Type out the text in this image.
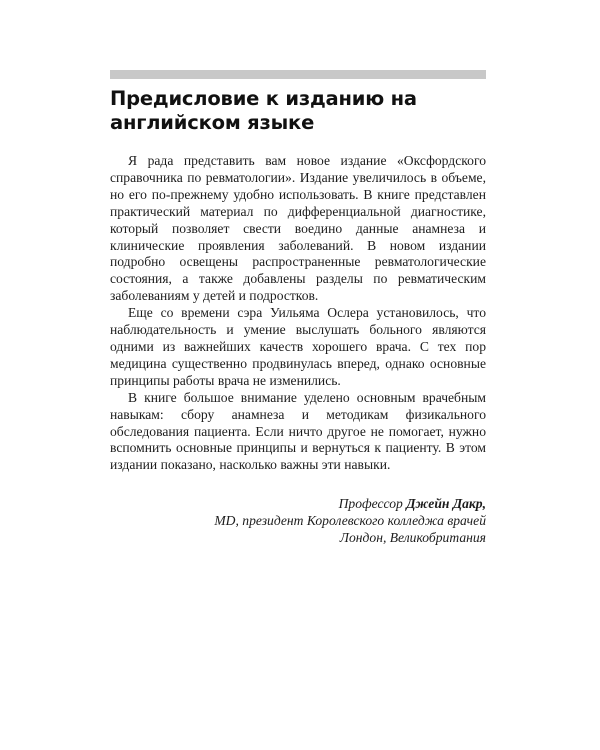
Предисловие к изданию на английском языке

Я рада представить вам новое издание «Оксфордского справочника по ревматологии». Издание увеличилось в объеме, но его по-прежнему удобно использовать. В книге представлен практический материал по дифференциальной диагностике, который позволяет свести воедино данные анамнеза и клинические проявления заболеваний. В новом издании подробно освещены распространенные ревматологические состояния, а также добавлены разделы по ревматическим заболеваниям у детей и подростков.

Еще со времени сэра Уильяма Ослера установилось, что наблюдательность и умение выслушать больного являются одними из важнейших качеств хорошего врача. С тех пор медицина существенно продвинулась вперед, однако основные принципы работы врача не изменились.

В книге большое внимание уделено основным врачебным навыкам: сбору анамнеза и методикам физикального обследования пациента. Если ничто другое не помогает, нужно вспомнить основные принципы и вернуться к пациенту. В этом издании показано, насколько важны эти навыки.

Профессор Джейн Дакр,
MD, президент Королевского колледжа врачей
Лондон, Великобритания
